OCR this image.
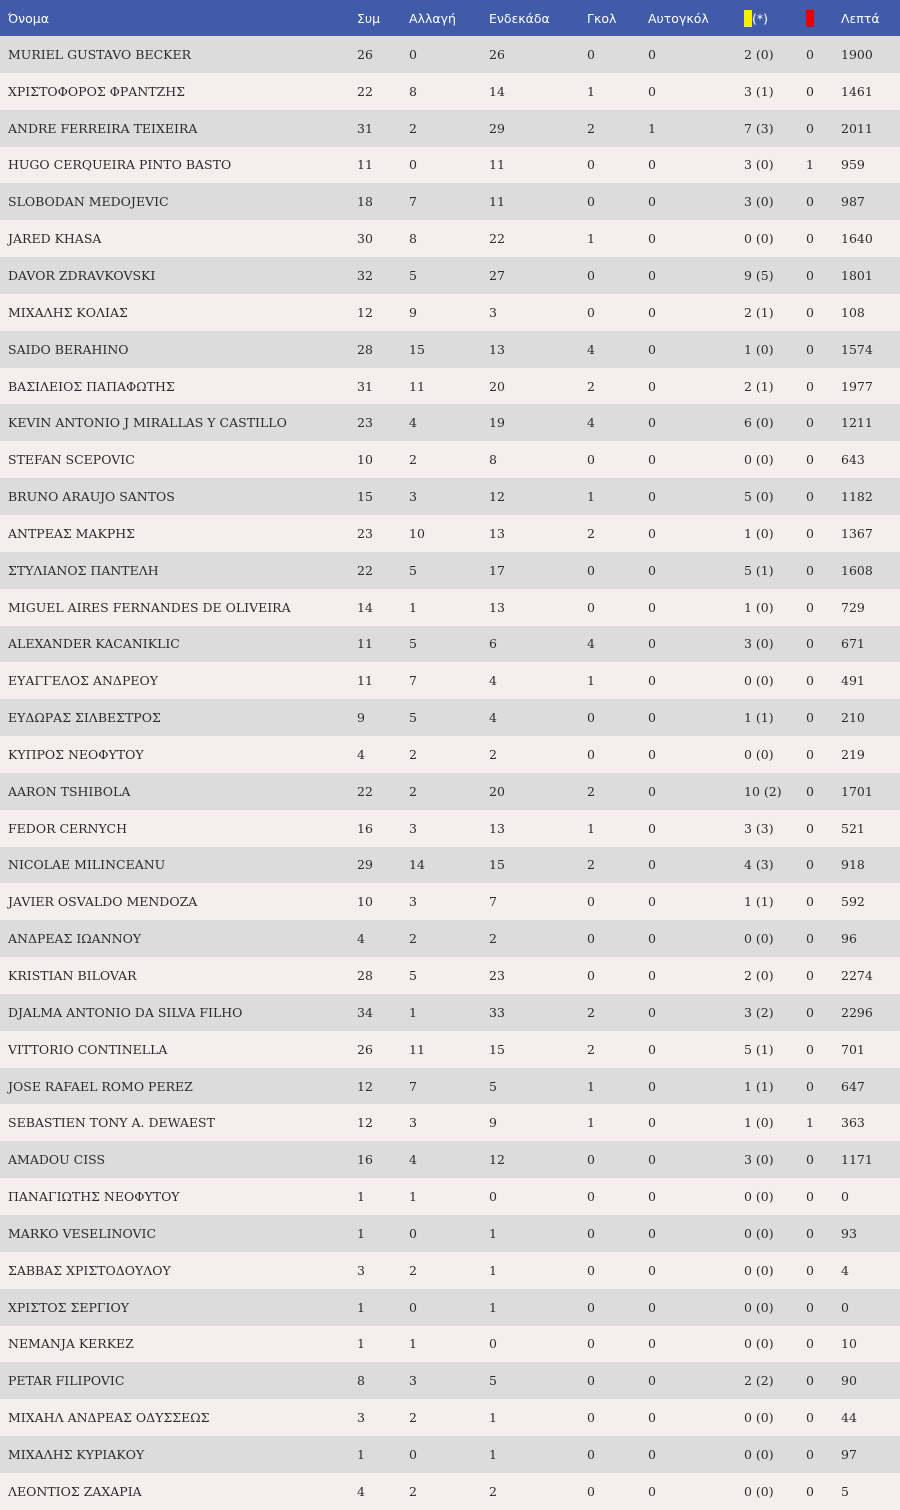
Όνομα	Συμ	Αλλαγή	Ενδεκάδα	Γκολ	Αυτογκόλ	(*)		Λεπτά
MURIEL GUSTAVO BECKER	26	0	26	0	0	2 (0)	0	1900
ΧΡΙΣΤΟΦΟΡΟΣ ΦΡΑΝΤΖΗΣ	22	8	14	1	0	3 (1)	0	1461
ANDRE FERREIRA TEIXEIRA	31	2	29	2	1	7 (3)	0	2011
HUGO CERQUEIRA PINTO BASTO	11	0	11	0	0	3 (0)	1	959
SLOBODAN MEDOJEVIC	18	7	11	0	0	3 (0)	0	987
JARED KHASA	30	8	22	1	0	0 (0)	0	1640
DAVOR ZDRAVKOVSKI	32	5	27	0	0	9 (5)	0	1801
ΜΙΧΑΛΗΣ ΚΟΛΙΑΣ	12	9	3	0	0	2 (1)	0	108
SAIDO BERAHINO	28	15	13	4	0	1 (0)	0	1574
ΒΑΣΙΛΕΙΟΣ ΠΑΠΑΦΩΤΗΣ	31	11	20	2	0	2 (1)	0	1977
KEVIN ANTONIO J MIRALLAS Y CASTILLO	23	4	19	4	0	6 (0)	0	1211
STEFAN SCEPOVIC	10	2	8	0	0	0 (0)	0	643
BRUNO ARAUJO SANTOS	15	3	12	1	0	5 (0)	0	1182
ΑΝΤΡΕΑΣ ΜΑΚΡΗΣ	23	10	13	2	0	1 (0)	0	1367
ΣΤΥΛΙΑΝΟΣ ΠΑΝΤΕΛΗ	22	5	17	0	0	5 (1)	0	1608
MIGUEL AIRES FERNANDES DE OLIVEIRA	14	1	13	0	0	1 (0)	0	729
ALEXANDER KACANIKLIC	11	5	6	4	0	3 (0)	0	671
ΕΥΑΓΓΕΛΟΣ ΑΝΔΡΕΟΥ	11	7	4	1	0	0 (0)	0	491
ΕΥΔΩΡΑΣ ΣΙΛΒΕΣΤΡΟΣ	9	5	4	0	0	1 (1)	0	210
ΚΥΠΡΟΣ ΝΕΟΦΥΤΟΥ	4	2	2	0	0	0 (0)	0	219
AARON TSHIBOLA	22	2	20	2	0	10 (2)	0	1701
FEDOR CERNYCH	16	3	13	1	0	3 (3)	0	521
NICOLAE MILINCEANU	29	14	15	2	0	4 (3)	0	918
JAVIER OSVALDO MENDOZA	10	3	7	0	0	1 (1)	0	592
ΑΝΔΡΕΑΣ ΙΩΑΝΝΟΥ	4	2	2	0	0	0 (0)	0	96
KRISTIAN BILOVAR	28	5	23	0	0	2 (0)	0	2274
DJALMA ANTONIO DA SILVA FILHO	34	1	33	2	0	3 (2)	0	2296
VITTORIO CONTINELLA	26	11	15	2	0	5 (1)	0	701
JOSE RAFAEL ROMO PEREZ	12	7	5	1	0	1 (1)	0	647
SEBASTIEN TONY A. DEWAEST	12	3	9	1	0	1 (0)	1	363
AMADOU CISS	16	4	12	0	0	3 (0)	0	1171
ΠΑΝΑΓΙΩΤΗΣ ΝΕΟΦΥΤΟΥ	1	1	0	0	0	0 (0)	0	0
MARKO VESELINOVIC	1	0	1	0	0	0 (0)	0	93
ΣΑΒΒΑΣ ΧΡΙΣΤΟΔΟΥΛΟΥ	3	2	1	0	0	0 (0)	0	4
ΧΡΙΣΤΟΣ ΣΕΡΓΙΟΥ	1	0	1	0	0	0 (0)	0	0
NEMANJA KERKEZ	1	1	0	0	0	0 (0)	0	10
PETAR FILIPOVIC	8	3	5	0	0	2 (2)	0	90
ΜΙΧΑΗΛ ΑΝΔΡΕΑΣ ΟΔΥΣΣΕΩΣ	3	2	1	0	0	0 (0)	0	44
ΜΙΧΑΛΗΣ ΚΥΡΙΑΚΟΥ	1	0	1	0	0	0 (0)	0	97
ΛΕΟΝΤΙΟΣ ΖΑΧΑΡΙΑ	4	2	2	0	0	0 (0)	0	5
